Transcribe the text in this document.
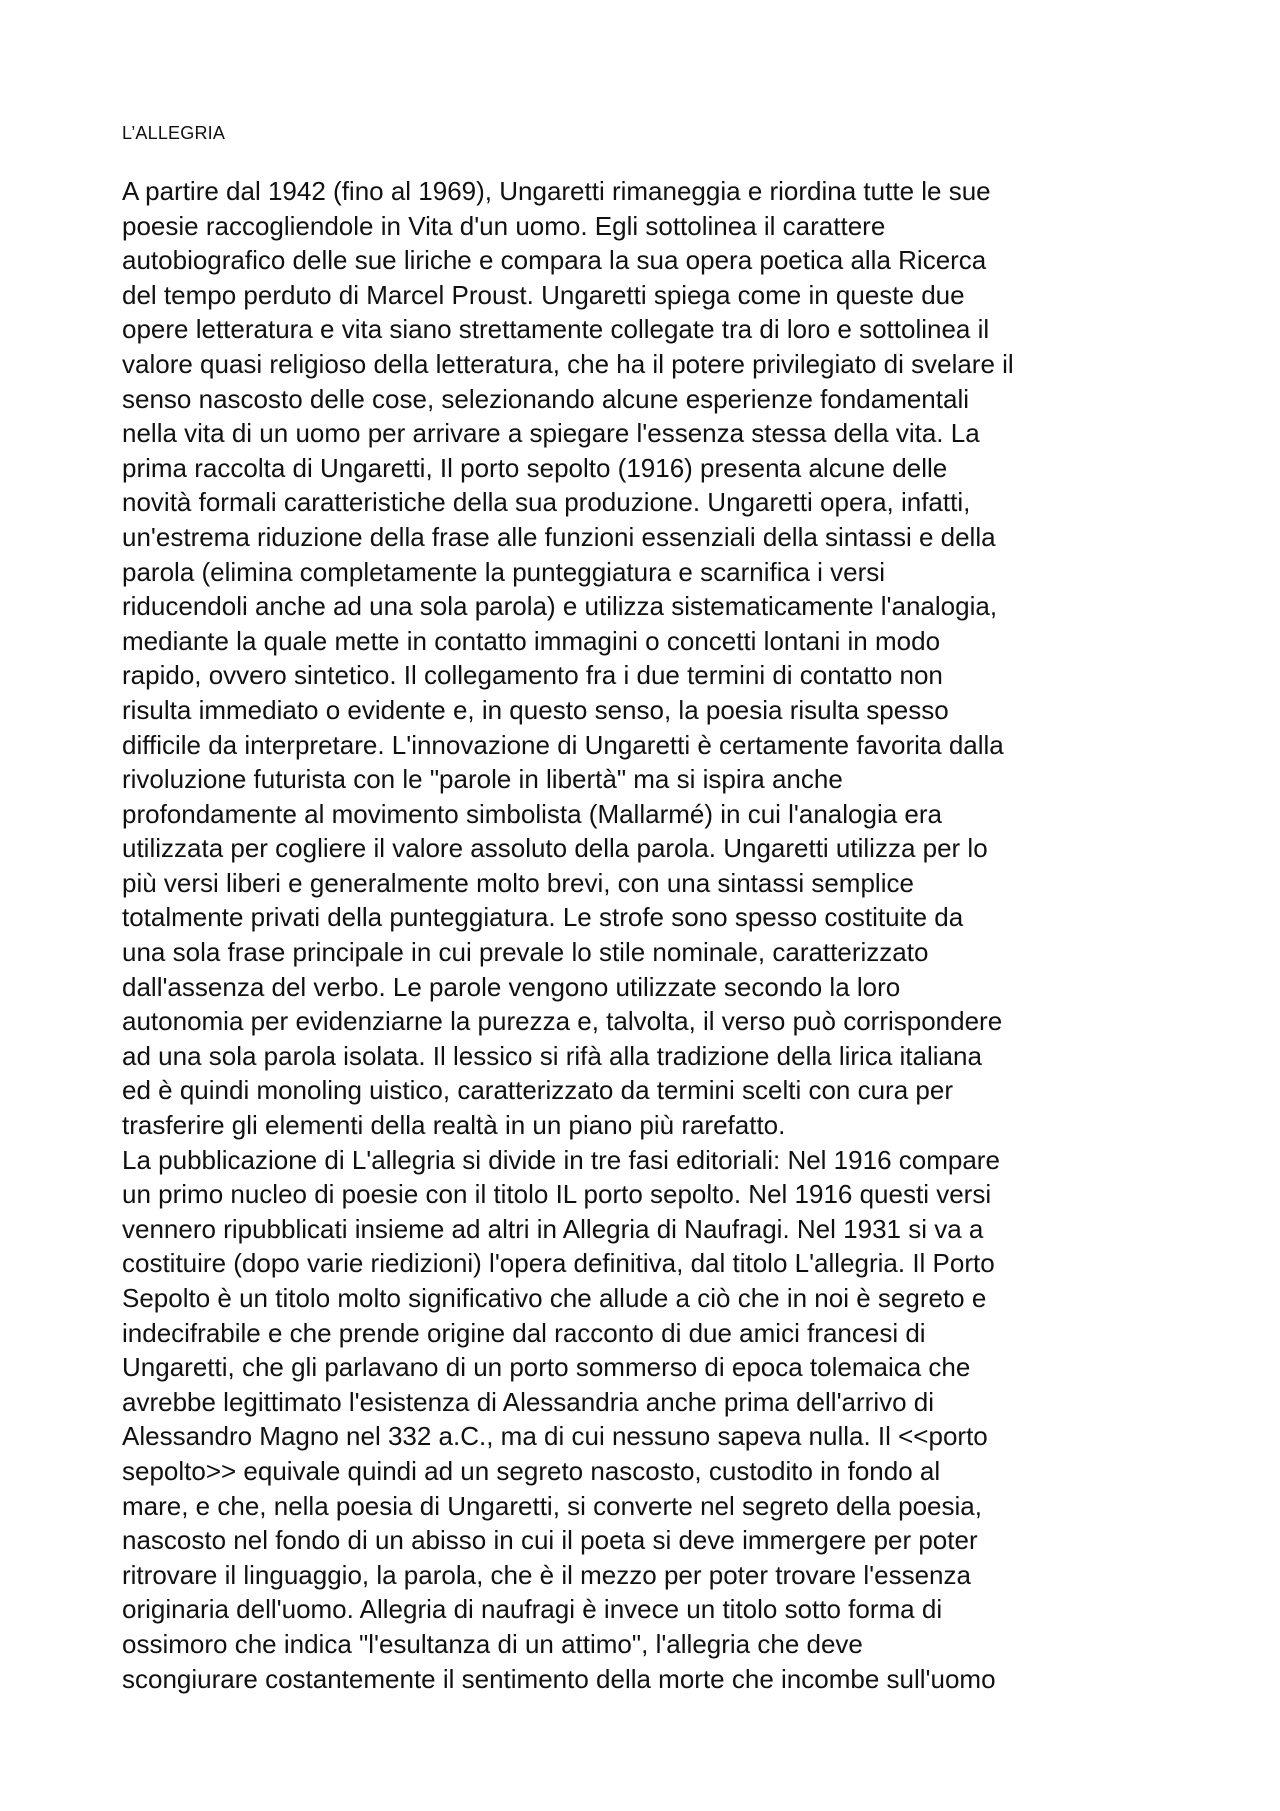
L’ALLEGRIA
A partire dal 1942 (fino al 1969), Ungaretti rimaneggia e riordina tutte le sue
poesie raccogliendole in Vita d'un uomo. Egli sottolinea il carattere
autobiografico delle sue liriche e compara la sua opera poetica alla Ricerca
del tempo perduto di Marcel Proust. Ungaretti spiega come in queste due
opere letteratura e vita siano strettamente collegate tra di loro e sottolinea il
valore quasi religioso della letteratura, che ha il potere privilegiato di svelare il
senso nascosto delle cose, selezionando alcune esperienze fondamentali
nella vita di un uomo per arrivare a spiegare l'essenza stessa della vita. La
prima raccolta di Ungaretti, Il porto sepolto (1916) presenta alcune delle
novità formali caratteristiche della sua produzione. Ungaretti opera, infatti,
un'estrema riduzione della frase alle funzioni essenziali della sintassi e della
parola (elimina completamente la punteggiatura e scarnifica i versi
riducendoli anche ad una sola parola) e utilizza sistematicamente l'analogia,
mediante la quale mette in contatto immagini o concetti lontani in modo
rapido, ovvero sintetico. Il collegamento fra i due termini di contatto non
risulta immediato o evidente e, in questo senso, la poesia risulta spesso
difficile da interpretare. L'innovazione di Ungaretti è certamente favorita dalla
rivoluzione futurista con le "parole in libertà" ma si ispira anche
profondamente al movimento simbolista (Mallarmé) in cui l'analogia era
utilizzata per cogliere il valore assoluto della parola. Ungaretti utilizza per lo
più versi liberi e generalmente molto brevi, con una sintassi semplice
totalmente privati della punteggiatura. Le strofe sono spesso costituite da
una sola frase principale in cui prevale lo stile nominale, caratterizzato
dall'assenza del verbo. Le parole vengono utilizzate secondo la loro
autonomia per evidenziarne la purezza e, talvolta, il verso può corrispondere
ad una sola parola isolata. Il lessico si rifà alla tradizione della lirica italiana
ed è quindi monoling uistico, caratterizzato da termini scelti con cura per
trasferire gli elementi della realtà in un piano più rarefatto.
La pubblicazione di L'allegria si divide in tre fasi editoriali: Nel 1916 compare
un primo nucleo di poesie con il titolo IL porto sepolto. Nel 1916 questi versi
vennero ripubblicati insieme ad altri in Allegria di Naufragi. Nel 1931 si va a
costituire (dopo varie riedizioni) l'opera definitiva, dal titolo L'allegria. Il Porto
Sepolto è un titolo molto significativo che allude a ciò che in noi è segreto e
indecifrabile e che prende origine dal racconto di due amici francesi di
Ungaretti, che gli parlavano di un porto sommerso di epoca tolemaica che
avrebbe legittimato l'esistenza di Alessandria anche prima dell'arrivo di
Alessandro Magno nel 332 a.C., ma di cui nessuno sapeva nulla. Il <<porto
sepolto>> equivale quindi ad un segreto nascosto, custodito in fondo al
mare, e che, nella poesia di Ungaretti, si converte nel segreto della poesia,
nascosto nel fondo di un abisso in cui il poeta si deve immergere per poter
ritrovare il linguaggio, la parola, che è il mezzo per poter trovare l'essenza
originaria dell'uomo. Allegria di naufragi è invece un titolo sotto forma di
ossimoro che indica "l'esultanza di un attimo", l'allegria che deve
scongiurare costantemente il sentimento della morte che incombe sull'uomo
